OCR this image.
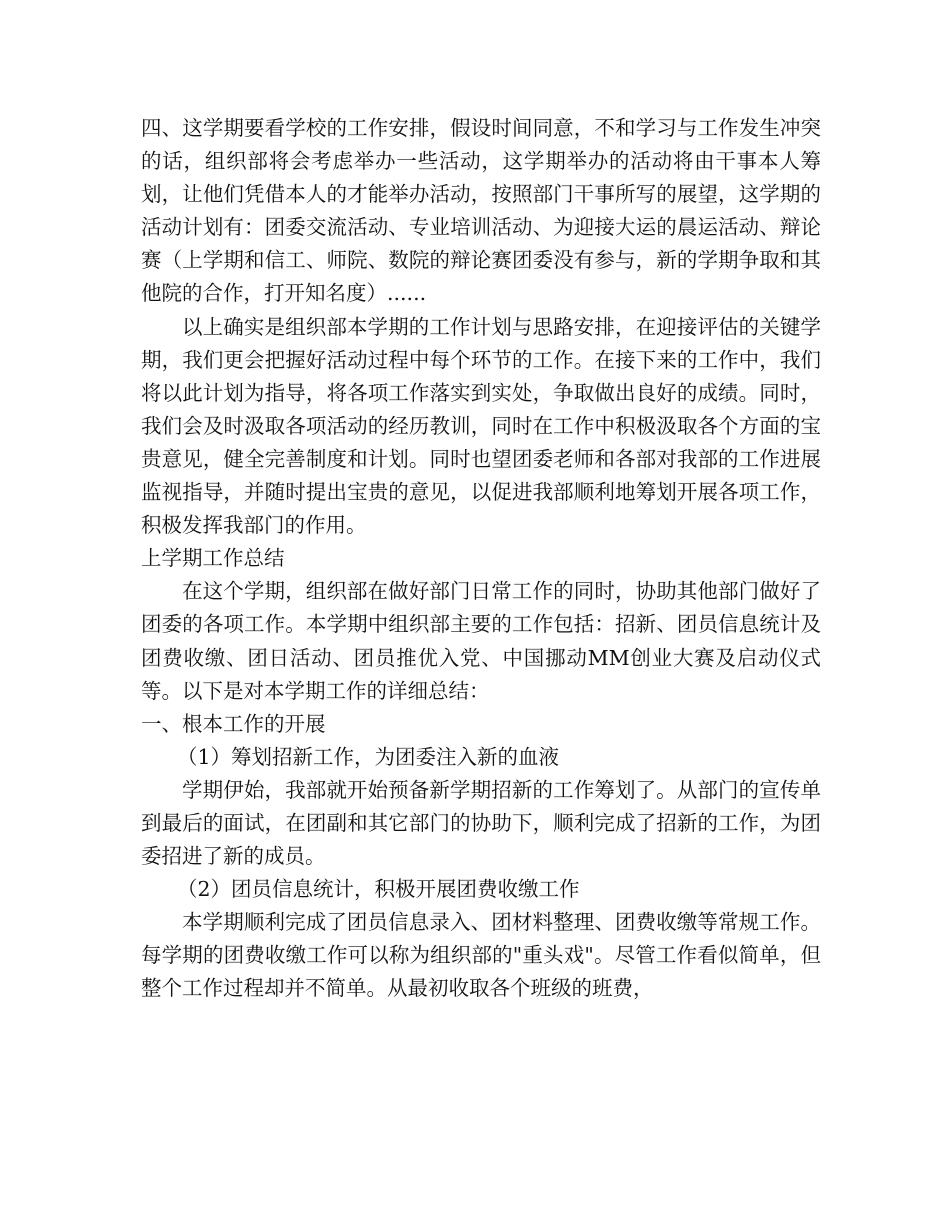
四、这学期要看学校的工作安排，假设时间同意，不和学习与工作发生冲突的话，组织部将会考虑举办一些活动，这学期举办的活动将由干事本人筹划，让他们凭借本人的才能举办活动，按照部门干事所写的展望，这学期的活动计划有：团委交流活动、专业培训活动、为迎接大运的晨运活动、辩论赛（上学期和信工、师院、数院的辩论赛团委没有参与，新的学期争取和其他院的合作，打开知名度）......

以上确实是组织部本学期的工作计划与思路安排，在迎接评估的关键学期，我们更会把握好活动过程中每个环节的工作。在接下来的工作中，我们将以此计划为指导，将各项工作落实到实处，争取做出良好的成绩。同时，我们会及时汲取各项活动的经历教训，同时在工作中积极汲取各个方面的宝贵意见，健全完善制度和计划。同时也望团委老师和各部对我部的工作进展监视指导，并随时提出宝贵的意见，以促进我部顺利地筹划开展各项工作，积极发挥我部门的作用。

上学期工作总结

在这个学期，组织部在做好部门日常工作的同时，协助其他部门做好了团委的各项工作。本学期中组织部主要的工作包括：招新、团员信息统计及团费收缴、团日活动、团员推优入党、中国挪动MM创业大赛及启动仪式等。以下是对本学期工作的详细总结：

一、根本工作的开展

（1）筹划招新工作，为团委注入新的血液

学期伊始，我部就开始预备新学期招新的工作筹划了。从部门的宣传单到最后的面试，在团副和其它部门的协助下，顺利完成了招新的工作，为团委招进了新的成员。

（2）团员信息统计，积极开展团费收缴工作

本学期顺利完成了团员信息录入、团材料整理、团费收缴等常规工作。每学期的团费收缴工作可以称为组织部的"重头戏"。尽管工作看似简单，但整个工作过程却并不简单。从最初收取各个班级的班费，
